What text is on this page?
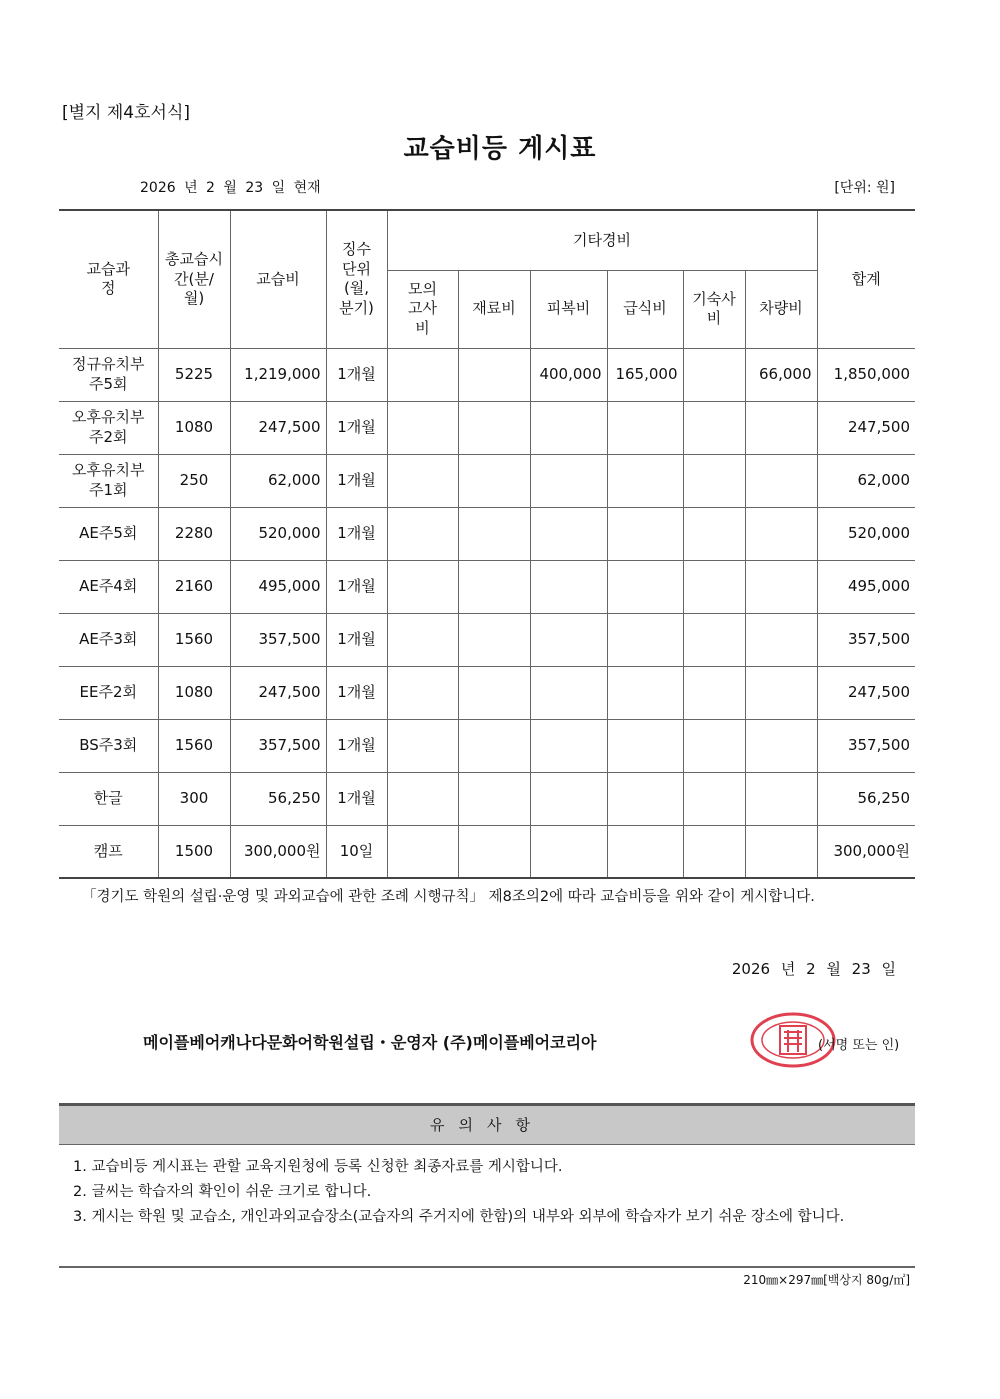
[별지 제4호서식]
교습비등 게시표
2026 년 2 월 23 일 현재	[단위: 원]
교습과정	총교습시간(분/월)	교습비	징수단위(월, 분기)	기타경비						합계
				모의고사비	재료비	피복비	급식비	기숙사비	차량비	
정규유치부주5회	5225	1,219,000	1개월			400,000	165,000		66,000	1,850,000
오후유치부주2회	1080	247,500	1개월							247,500
오후유치부주1회	250	62,000	1개월							62,000
AE주5회	2280	520,000	1개월							520,000
AE주4회	2160	495,000	1개월							495,000
AE주3회	1560	357,500	1개월							357,500
EE주2회	1080	247,500	1개월							247,500
BS주3회	1560	357,500	1개월							357,500
한글	300	56,250	1개월							56,250
캠프	1500	300,000원	10일							300,000원
「경기도 학원의 설립·운영 및 과외교습에 관한 조례 시행규칙」 제8조의2에 따라 교습비등을 위와 같이 게시합니다.
2026 년 2 월 23 일
메이플베어캐나다문화어학원설립・운영자 (주)메이플베어코리아	(서명 또는 인)
유의사항
1. 교습비등 게시표는 관할 교육지원청에 등록 신청한 최종자료를 게시합니다.
2. 글씨는 학습자의 확인이 쉬운 크기로 합니다.
3. 게시는 학원 및 교습소, 개인과외교습장소(교습자의 주거지에 한함)의 내부와 외부에 학습자가 보기 쉬운 장소에 합니다.
210㎜×297㎜[백상지 80g/㎡]
